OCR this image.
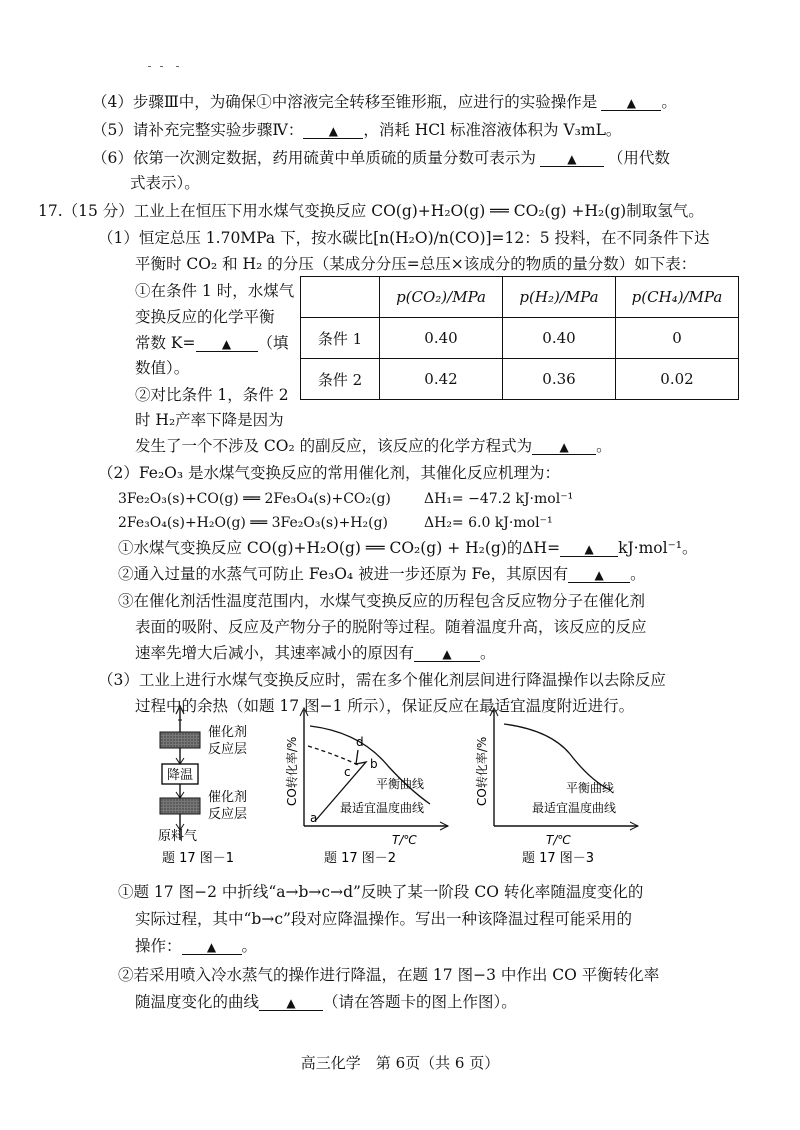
（4）步骤Ⅲ中，为确保①中溶液完全转移至锥形瓶，应进行的实验操作是 ▲ 。
（5）请补充完整实验步骤Ⅳ： ▲ ，消耗 HCl 标准溶液体积为 V₃mL。
（6）依第一次测定数据，药用硫黄中单质硫的质量分数可表示为	▲ （用代数
式表示）。
17.（15 分）工业上在恒压下用水煤气变换反应 CO(g)+H₂O(g) ══ CO₂(g) +H₂(g)制取氢气。
（1）恒定总压 1.70MPa 下，按水碳比[n(H₂O)/n(CO)]=12：5 投料，在不同条件下达
平衡时 CO₂ 和 H₂ 的分压（某成分分压=总压×该成分的物质的量分数）如下表：
①在条件 1 时，水煤气
变换反应的化学平衡
常数 K= ▲ （填
数值）。
②对比条件 1，条件 2
时 H₂产率下降是因为
发生了一个不涉及 CO₂ 的副反应，该反应的化学方程式为 ▲ 。
	p(CO₂)/MPa	p(H₂)/MPa	p(CH₄)/MPa
条件 1	0.40	0.40	0
条件 2	0.42	0.36	0.02
（2）Fe₂O₃ 是水煤气变换反应的常用催化剂，其催化反应机理为：
3Fe₂O₃(s)+CO(g) ══ 2Fe₃O₄(s)+CO₂(g) ΔH₁= −47.2 kJ·mol⁻¹
2Fe₃O₄(s)+H₂O(g) ══ 3Fe₂O₃(s)+H₂(g)	ΔH₂= 6.0 kJ·mol⁻¹
①水煤气变换反应 CO(g)+H₂O(g) ══ CO₂(g) + H₂(g)的ΔH= ▲ kJ·mol⁻¹。
②通入过量的水蒸气可防止 Fe₃O₄ 被进一步还原为 Fe，其原因有 ▲ 。
③在催化剂活性温度范围内，水煤气变换反应的历程包含反应物分子在催化剂
表面的吸附、反应及产物分子的脱附等过程。随着温度升高，该反应的反应
速率先增大后减小，其速率减小的原因有 ▲ 。
（3）工业上进行水煤气变换反应时，需在多个催化剂层间进行降温操作以去除反应
过程中的余热（如题 17 图−1 所示），保证反应在最适宜温度附近进行。
降温
催化剂
反应层
催化剂
反应层
原料气
题 17 图－1
CO转化率/%
T/℃
a
b
c
d
平衡曲线
最适宜温度曲线
题 17 图－2
CO转化率/%
T/℃
平衡曲线
最适宜温度曲线
题 17 图－3
①题 17 图−2 中折线“a→b→c→d”反映了某一阶段 CO 转化率随温度变化的
实际过程，其中“b→c”段对应降温操作。写出一种该降温过程可能采用的
操作： ▲ 。
②若采用喷入冷水蒸气的操作进行降温，在题 17 图−3 中作出 CO 平衡转化率
随温度变化的曲线 ▲ （请在答题卡的图上作图）。
高三化学　第 6页（共 6 页）
